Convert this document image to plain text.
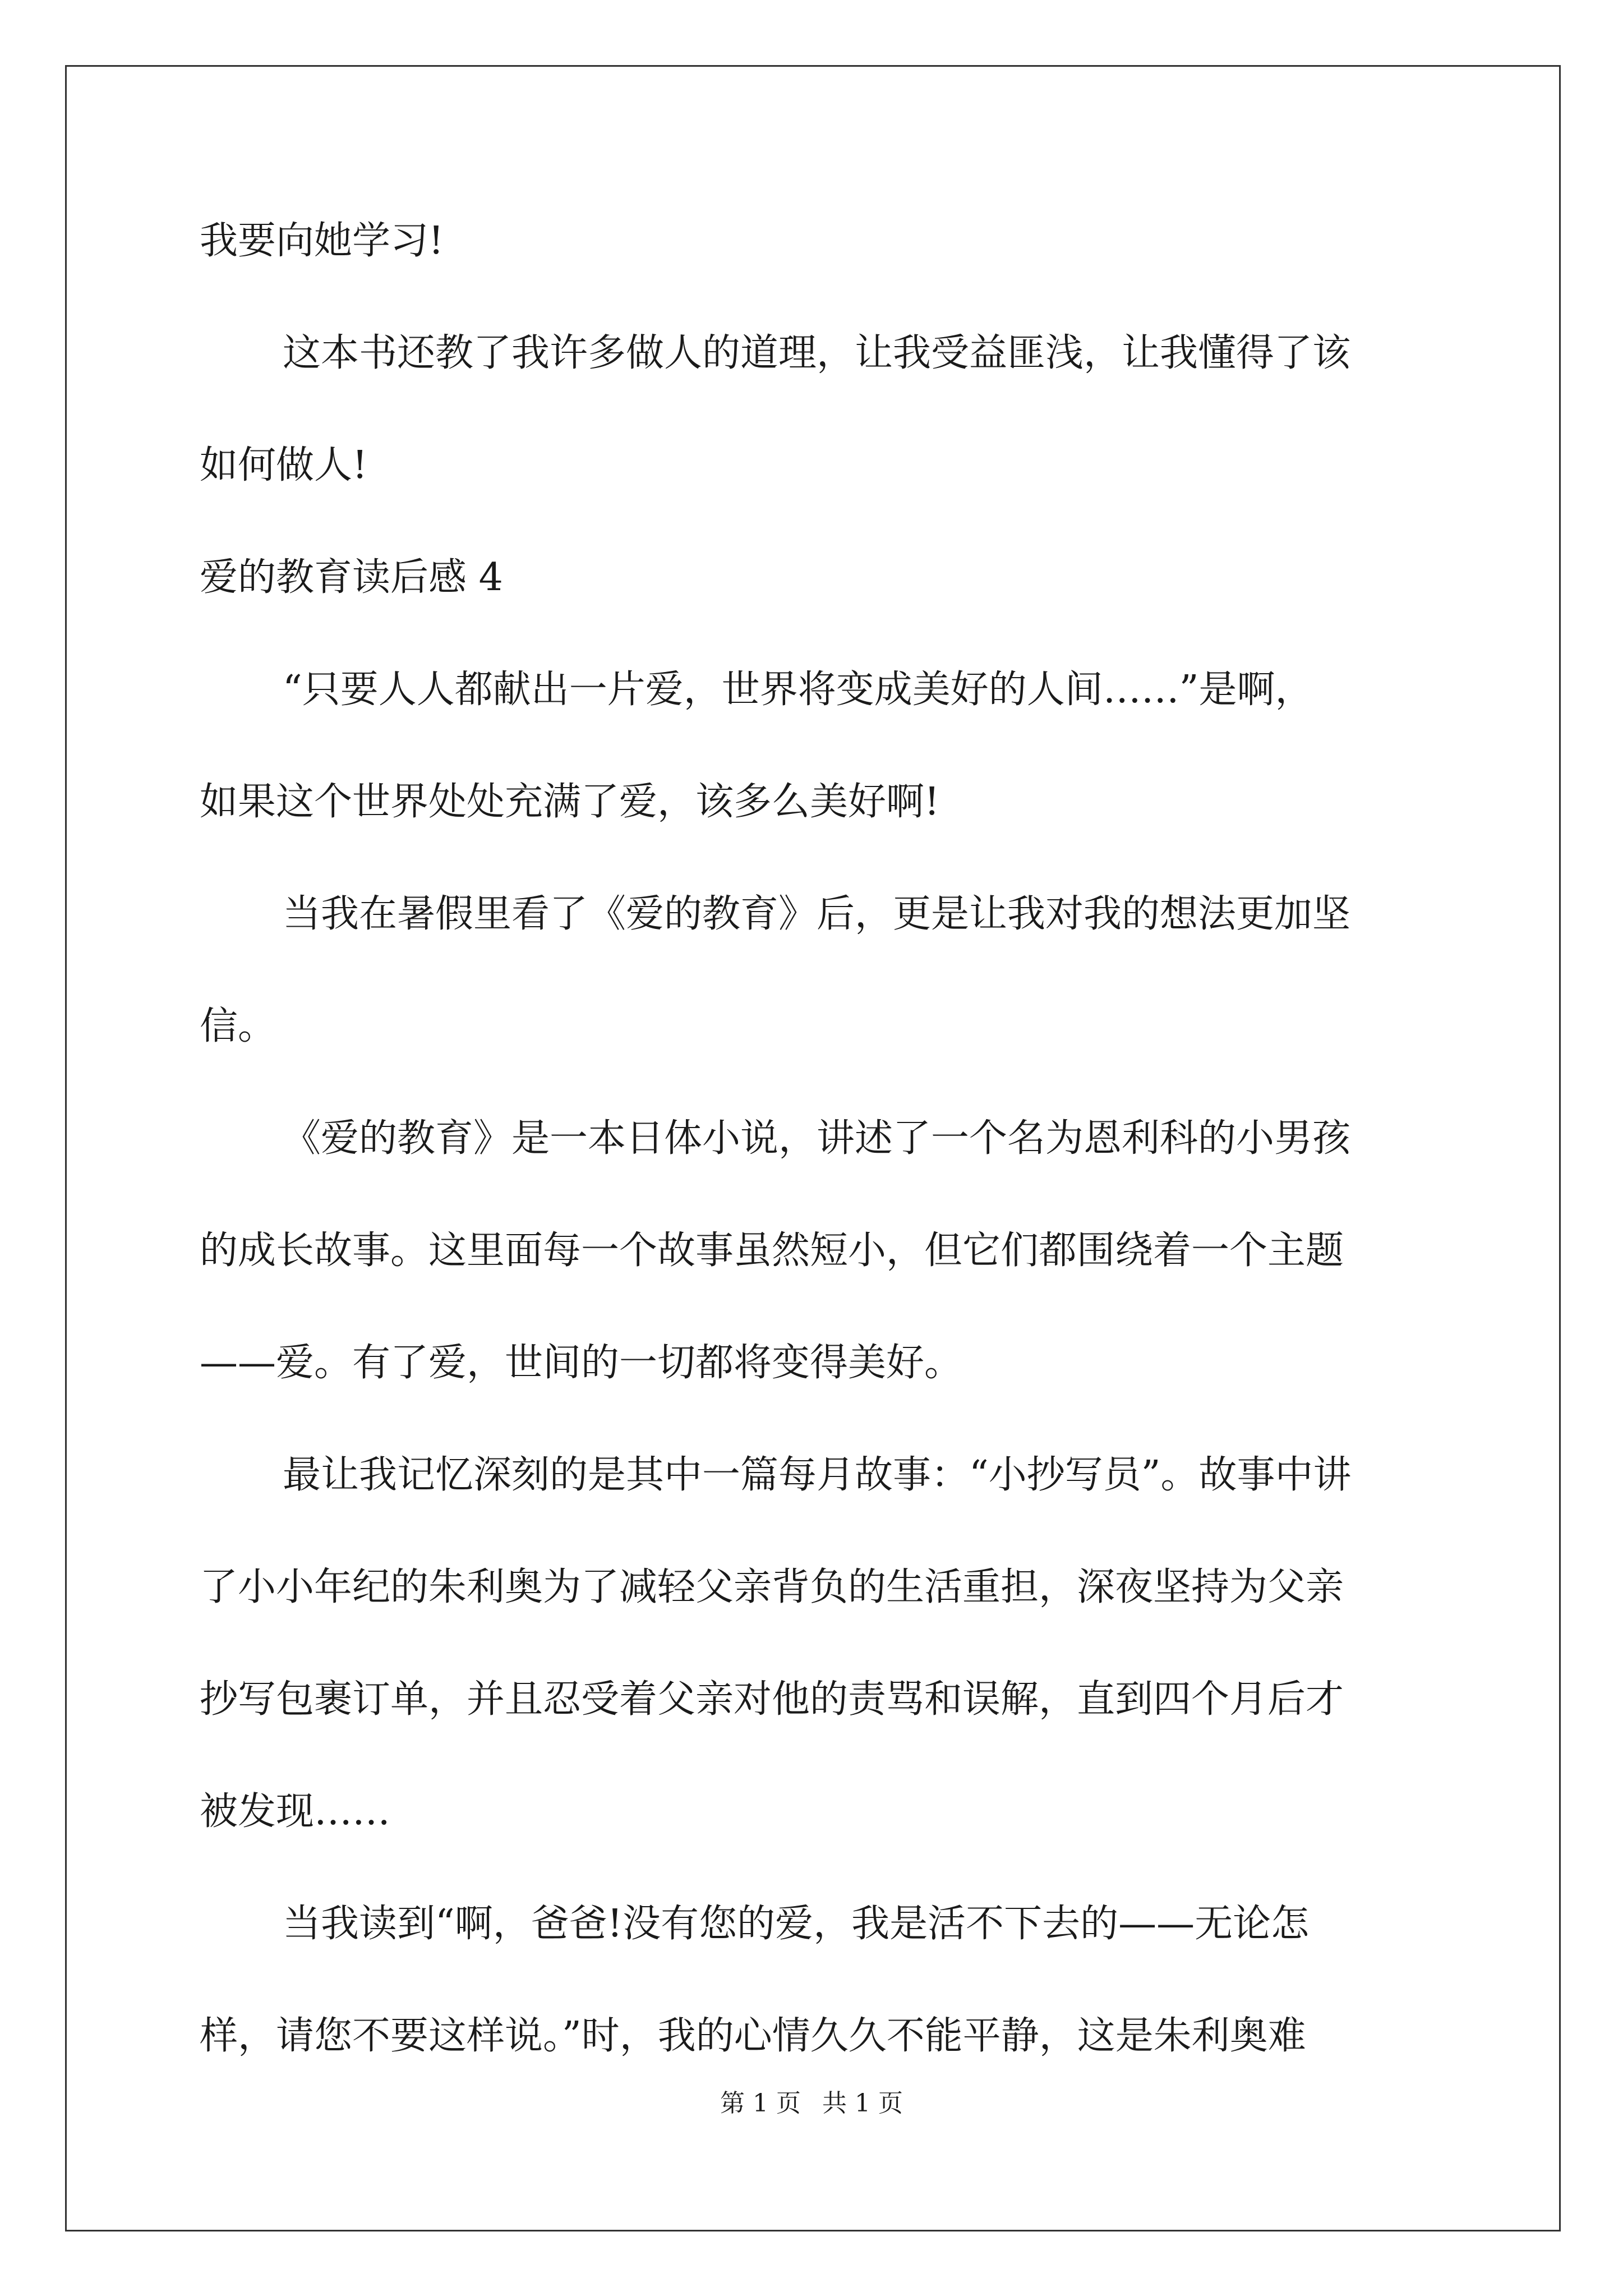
我要向她学习!
这本书还教了我许多做人的道理，让我受益匪浅，让我懂得了该
如何做人!
爱的教育读后感 4
“只要人人都献出一片爱，世界将变成美好的人间……”是啊，
如果这个世界处处充满了爱，该多么美好啊!
当我在暑假里看了《爱的教育》后，更是让我对我的想法更加坚
信。
《爱的教育》是一本日体小说，讲述了一个名为恩利科的小男孩
的成长故事。这里面每一个故事虽然短小，但它们都围绕着一个主题
——爱。有了爱，世间的一切都将变得美好。
最让我记忆深刻的是其中一篇每月故事：“小抄写员”。故事中讲
了小小年纪的朱利奥为了减轻父亲背负的生活重担，深夜坚持为父亲
抄写包裹订单，并且忍受着父亲对他的责骂和误解，直到四个月后才
被发现……
当我读到“啊，爸爸!没有您的爱，我是活不下去的——无论怎
样，请您不要这样说。”时，我的心情久久不能平静，这是朱利奥难
第 1 页 共 1 页
